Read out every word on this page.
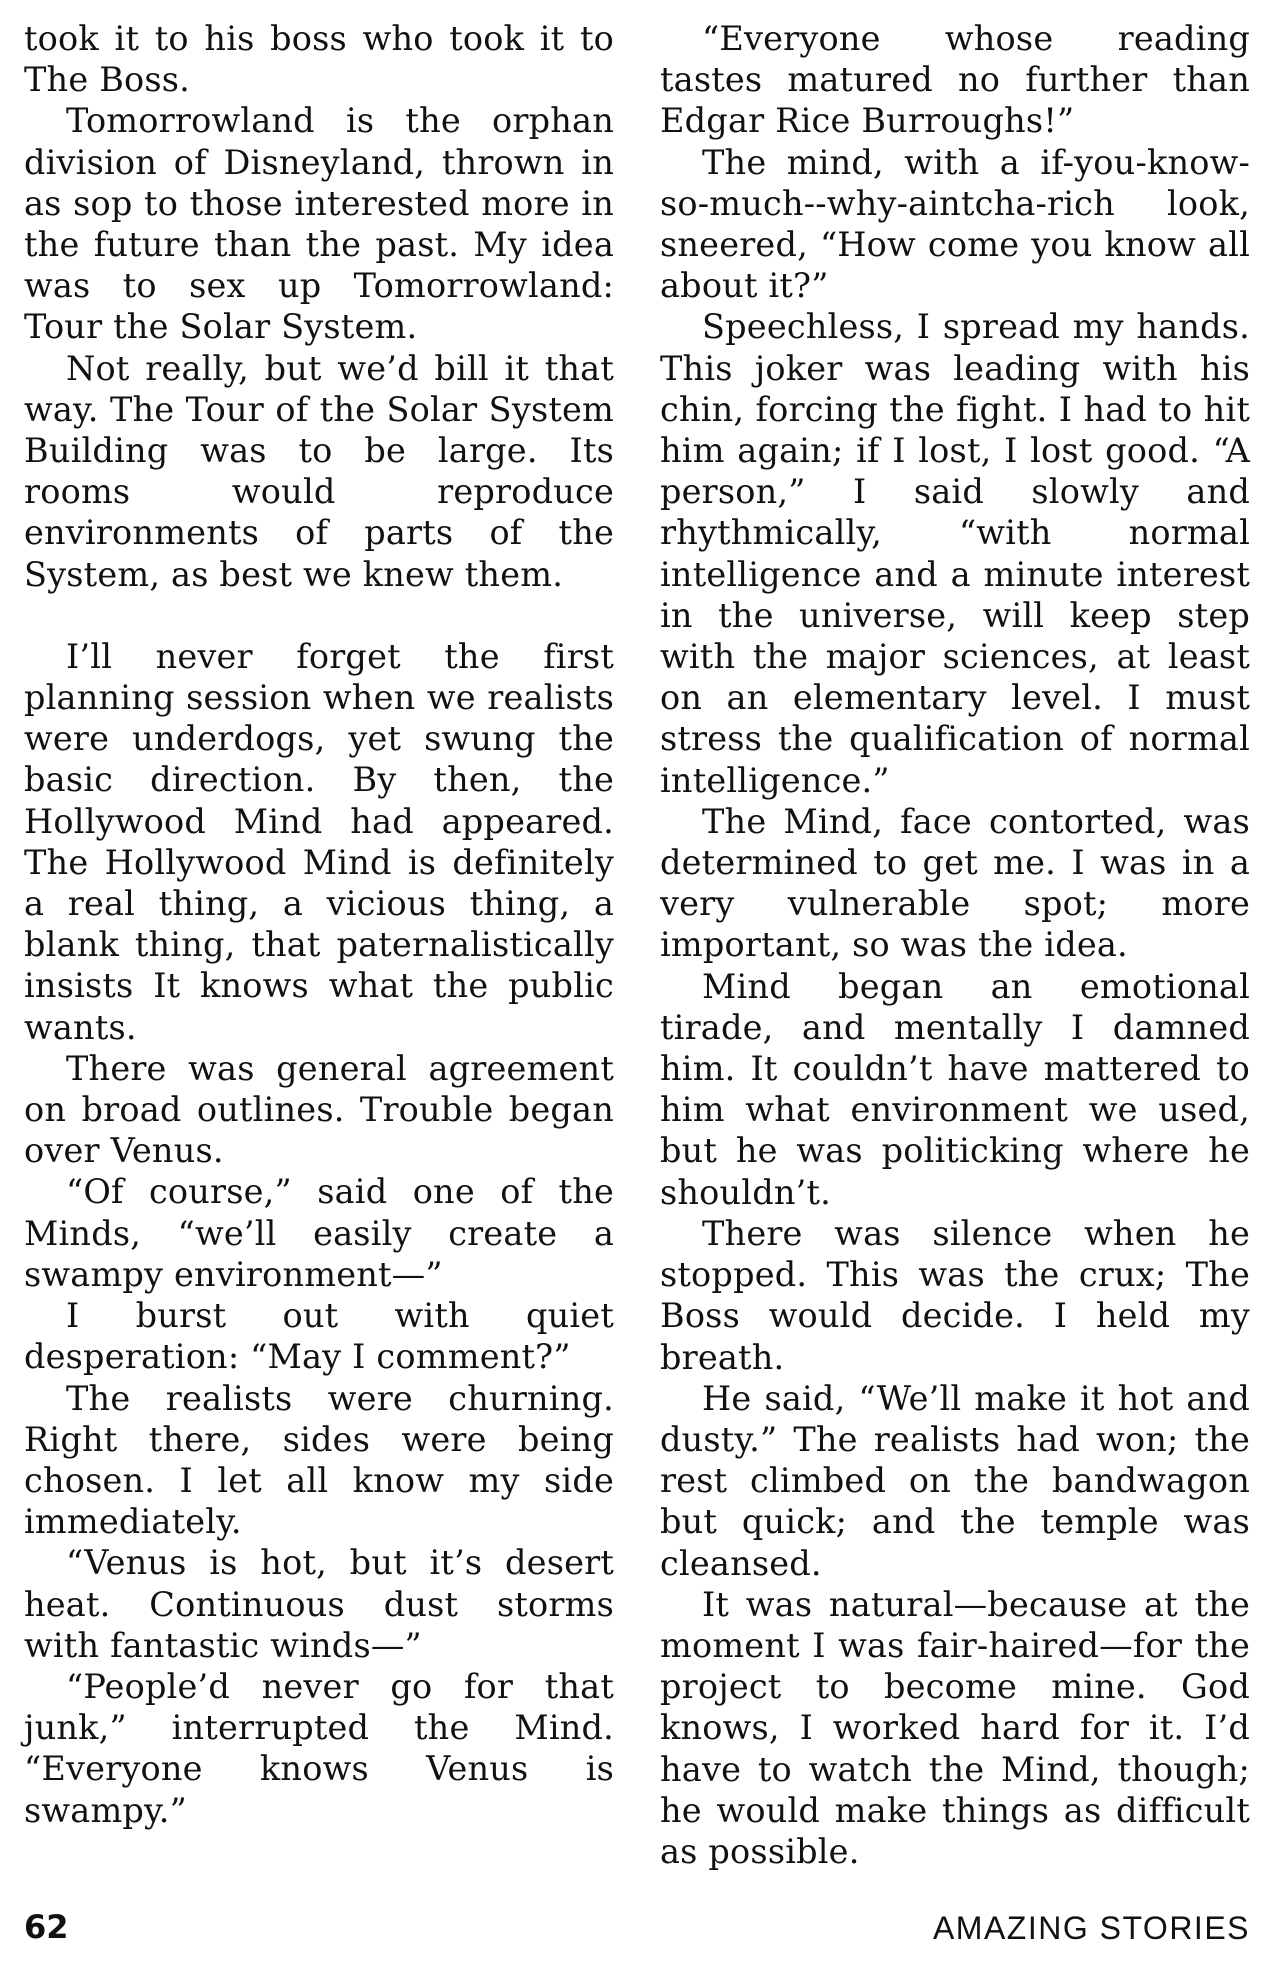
took it to his boss who took it to The Boss.

Tomorrowland is the orphan division of Disneyland, thrown in as sop to those interested more in the future than the past. My idea was to sex up Tomorrowland: Tour the Solar System.

Not really, but we’d bill it that way. The Tour of the Solar System Building was to be large. Its rooms would reproduce environments of parts of the System, as best we knew them.

I’ll never forget the first planning session when we realists were underdogs, yet swung the basic direction. By then, the Hollywood Mind had appeared. The Hollywood Mind is definitely a real thing, a vicious thing, a blank thing, that paternalistically insists It knows what the public wants.

There was general agreement on broad outlines. Trouble began over Venus.

“Of course,” said one of the Minds, “we’ll easily create a swampy environment—”

I burst out with quiet desperation: “May I comment?”

The realists were churning. Right there, sides were being chosen. I let all know my side immediately.

“Venus is hot, but it’s desert heat. Continuous dust storms with fantastic winds—”

“People’d never go for that junk,” interrupted the Mind. “Everyone knows Venus is swampy.”

“Everyone whose reading tastes matured no further than Edgar Rice Burroughs!”

The mind, with a if-you-know-so-much--why-aintcha-rich look, sneered, “How come you know all about it?”

Speechless, I spread my hands. This joker was leading with his chin, forcing the fight. I had to hit him again; if I lost, I lost good. “A person,” I said slowly and rhythmically, “with normal intelligence and a minute interest in the universe, will keep step with the major sciences, at least on an elementary level. I must stress the qualification of normal intelligence.”

The Mind, face contorted, was determined to get me. I was in a very vulnerable spot; more important, so was the idea.

Mind began an emotional tirade, and mentally I damned him. It couldn’t have mattered to him what environment we used, but he was politicking where he shouldn’t.

There was silence when he stopped. This was the crux; The Boss would decide. I held my breath.

He said, “We’ll make it hot and dusty.” The realists had won; the rest climbed on the bandwagon but quick; and the temple was cleansed.

It was natural—because at the moment I was fair-haired—for the project to become mine. God knows, I worked hard for it. I’d have to watch the Mind, though; he would make things as difficult as possible.

62	AMAZING STORIES
